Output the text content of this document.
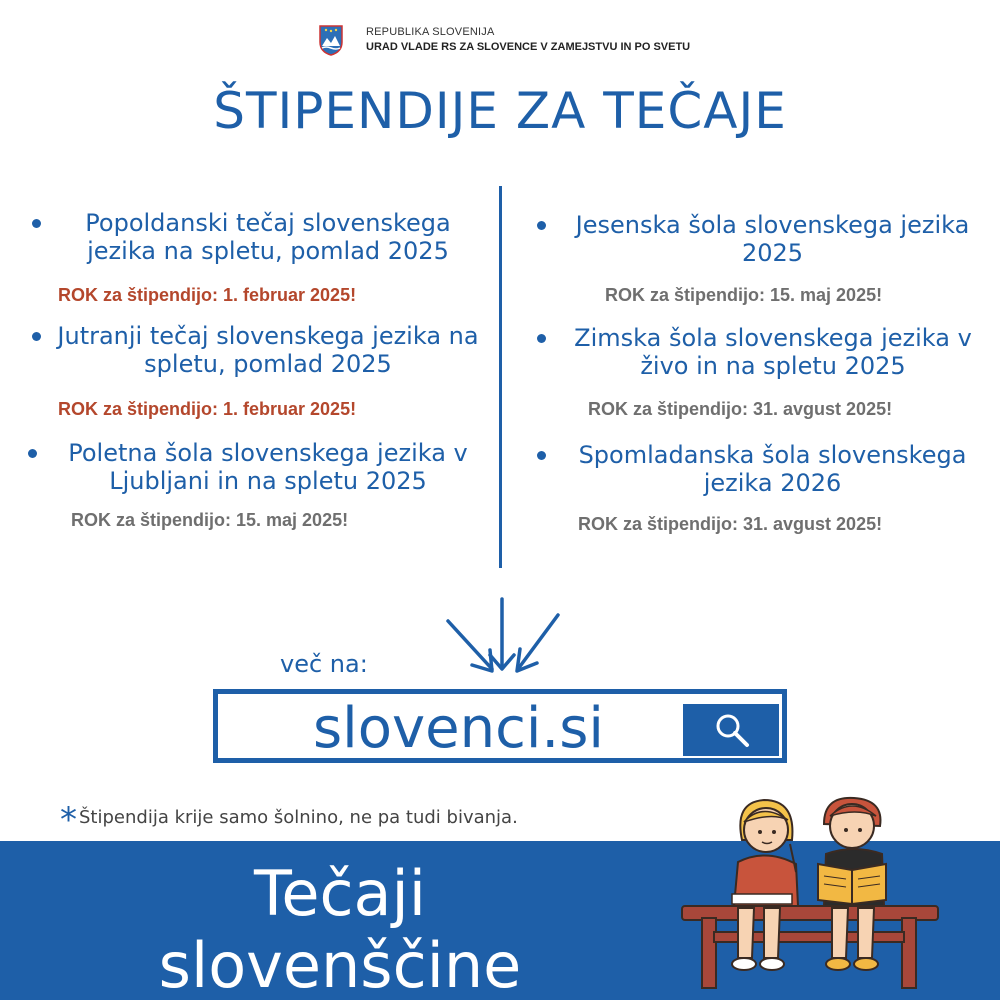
REPUBLIKA SLOVENIJA
URAD VLADE RS ZA SLOVENCE V ZAMEJSTVU IN PO SVETU
ŠTIPENDIJE ZA TEČAJE
Popoldanski tečaj slovenskega jezika na spletu, pomlad 2025
ROK za štipendijo: 1. februar 2025!
Jutranji tečaj slovenskega jezika na spletu, pomlad 2025
ROK za štipendijo: 1. februar 2025!
Poletna šola slovenskega jezika v Ljubljani in na spletu 2025
ROK za štipendijo: 15. maj 2025!
Jesenska šola slovenskega jezika 2025
ROK za štipendijo: 15. maj 2025!
Zimska šola slovenskega jezika v živo in na spletu 2025
ROK za štipendijo: 31. avgust 2025!
Spomladanska šola slovenskega jezika 2026
ROK za štipendijo: 31. avgust 2025!
več na:
slovenci.si
* Štipendija krije samo šolnino, ne pa tudi bivanja.
Tečaji
slovenščine
